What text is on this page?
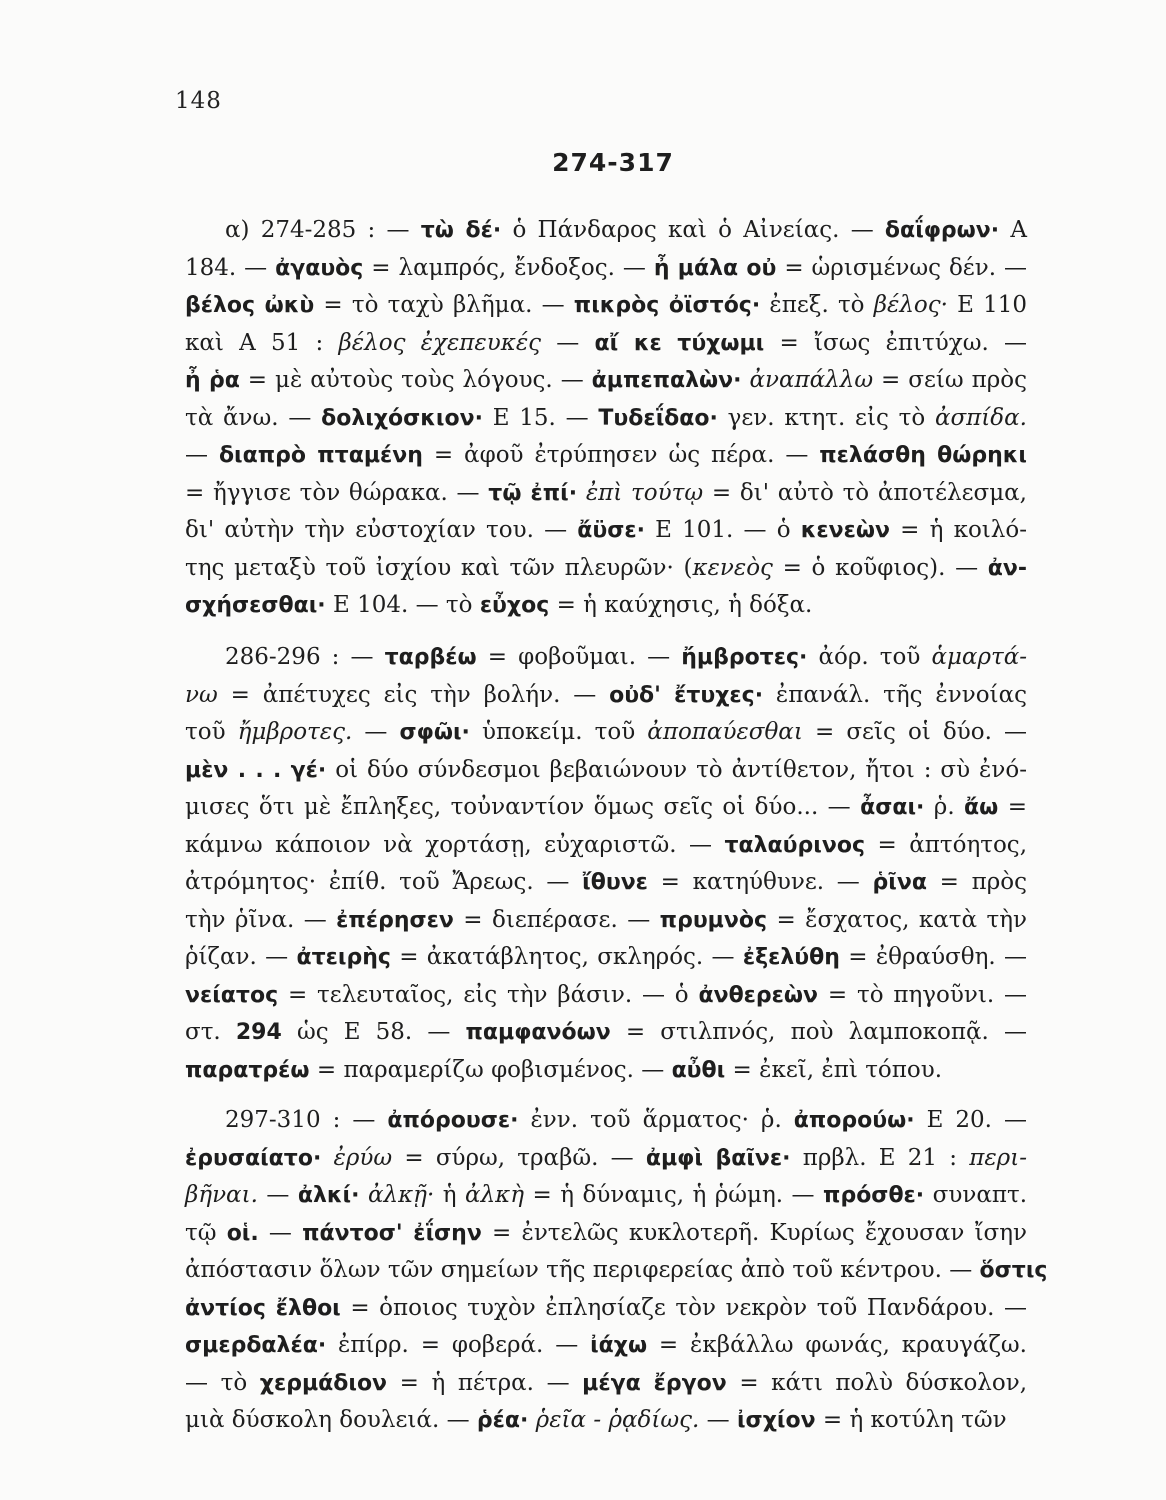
148
274-317
α) 274-285 : — τὼ δέ· ὁ Πάνδαρος καὶ ὁ Αἰνείας. — δαΐφρων· Α
184. — ἀγαυὸς = λαμπρός, ἔνδοξος. — ἦ μάλα οὐ = ὡρισμένως δέν. —
βέλος ὠκὺ = τὸ ταχὺ βλῆμα. — πικρὸς ὀϊστός· ἐπεξ. τὸ βέλος· Ε 110
καὶ Α 51 : βέλος ἐχεπευκές — αἴ κε τύχωμι = ἴσως ἐπιτύχω. —
ἦ ῥα = μὲ αὐτοὺς τοὺς λόγους. — ἀμπεπαλὼν· ἀναπάλλω = σείω πρὸς
τὰ ἄνω. — δολιχόσκιον· Ε 15. — Τυδεΐδαο· γεν. κτητ. εἰς τὸ ἀσπίδα.
— διαπρὸ πταμένη = ἀφοῦ ἐτρύπησεν ὡς πέρα. — πελάσθη θώρηκι
= ἤγγισε τὸν θώρακα. — τῷ ἐπί· ἐπὶ τούτῳ = δι' αὐτὸ τὸ ἀποτέλεσμα,
δι' αὐτὴν τὴν εὐστοχίαν του. — ἄϋσε· Ε 101. — ὁ κενεὼν = ἡ κοιλό-
της μεταξὺ τοῦ ἰσχίου καὶ τῶν πλευρῶν· (κενεὸς = ὁ κοῦφιος). — ἀν-
σχήσεσθαι· Ε 104. — τὸ εὖχος = ἡ καύχησις, ἡ δόξα.
286-296 : — ταρβέω = φοβοῦμαι. — ἤμβροτες· ἀόρ. τοῦ ἁμαρτά-
νω = ἀπέτυχες εἰς τὴν βολήν. — οὐδ' ἔτυχες· ἐπανάλ. τῆς ἐννοίας
τοῦ ἤμβροτες. — σφῶι· ὑποκείμ. τοῦ ἀποπαύεσθαι = σεῖς οἱ δύο. —
μὲν . . . γέ· οἱ δύο σύνδεσμοι βεβαιώνουν τὸ ἀντίθετον, ἤτοι : σὺ ἐνό-
μισες ὅτι μὲ ἔπληξες, τοὐναντίον ὅμως σεῖς οἱ δύο... — ἆσαι· ῥ. ἄω =
κάμνω κάποιον νὰ χορτάσῃ, εὐχαριστῶ. — ταλαύρινος = ἀπτόητος,
ἀτρόμητος· ἐπίθ. τοῦ Ἄρεως. — ἴθυνε = κατηύθυνε. — ῥῖνα = πρὸς
τὴν ῥῖνα. — ἐπέρησεν = διεπέρασε. — πρυμνὸς = ἔσχατος, κατὰ τὴν
ῥίζαν. — ἀτειρὴς = ἀκατάβλητος, σκληρός. — ἐξελύθη = ἐθραύσθη. —
νείατος = τελευταῖος, εἰς τὴν βάσιν. — ὁ ἀνθερεὼν = τὸ πηγοῦνι. —
στ. 294 ὡς Ε 58. — παμφανόων = στιλπνός, ποὺ λαμποκοπᾷ. —
παρατρέω = παραμερίζω φοβισμένος. — αὖθι = ἐκεῖ, ἐπὶ τόπου.
297-310 : — ἀπόρουσε· ἐνν. τοῦ ἅρματος· ῥ. ἀπορούω· Ε 20. —
ἐρυσαίατο· ἐρύω = σύρω, τραβῶ. — ἀμφὶ βαῖνε· πρβλ. Ε 21 : περι-
βῆναι. — ἀλκί· ἀλκῇ· ἡ ἀλκὴ = ἡ δύναμις, ἡ ῥώμη. — πρόσθε· συναπτ.
τῷ οἱ. — πάντοσ' ἐΐσην = ἐντελῶς κυκλοτερῆ. Κυρίως ἔχουσαν ἴσην
ἀπόστασιν ὅλων τῶν σημείων τῆς περιφερείας ἀπὸ τοῦ κέντρου. — ὅστις
ἀντίος ἔλθοι = ὁποιος τυχὸν ἐπλησίαζε τὸν νεκρὸν τοῦ Πανδάρου. —
σμερδαλέα· ἐπίρρ. = φοβερά. — ἰάχω = ἐκβάλλω φωνάς, κραυγάζω.
— τὸ χερμάδιον = ἡ πέτρα. — μέγα ἔργον = κάτι πολὺ δύσκολον,
μιὰ δύσκολη δουλειά. — ῥέα· ῥεῖα - ῥᾳδίως. — ἰσχίον = ἡ κοτύλη τῶν
